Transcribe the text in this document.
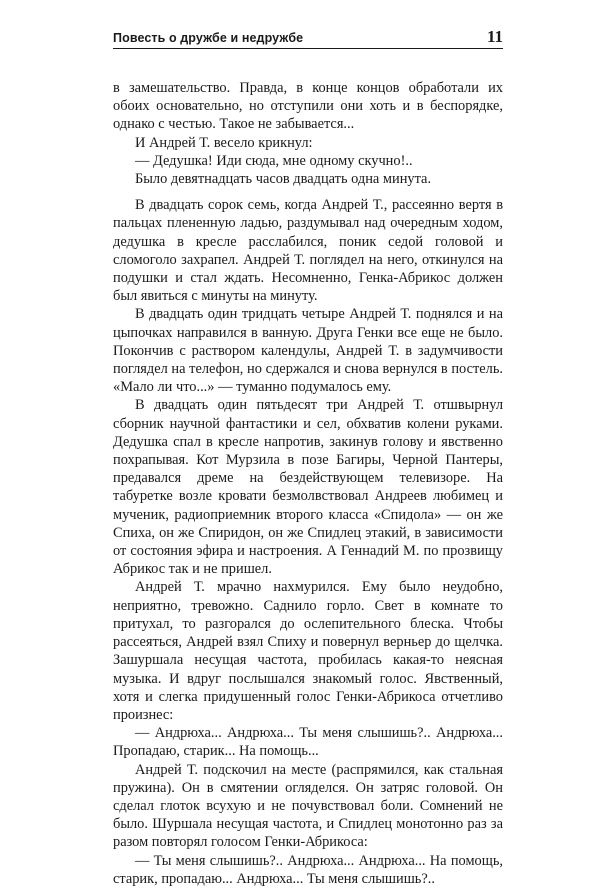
Повесть о дружбе и недружбе	11

в замешательство. Правда, в конце концов обработали их обоих основательно, но отступили они хоть и в беспорядке, однако с честью. Такое не забывается...

И Андрей Т. весело крикнул:

— Дедушка! Иди сюда, мне одному скучно!..

Было девятнадцать часов двадцать одна минута.

В двадцать сорок семь, когда Андрей Т., рассеянно вертя в пальцах плененную ладью, раздумывал над очередным ходом, дедушка в кресле расслабился, поник седой головой и сломоголо захрапел. Андрей Т. поглядел на него, откинулся на подушки и стал ждать. Несомненно, Генка-Абрикос должен был явиться с минуты на минуту.

В двадцать один тридцать четыре Андрей Т. поднялся и на цыпочках направился в ванную. Друга Генки все еще не было. Покончив с раствором календулы, Андрей Т. в задумчивости поглядел на телефон, но сдержался и снова вернулся в постель. «Мало ли что...» — туманно подумалось ему.

В двадцать один пятьдесят три Андрей Т. отшвырнул сборник научной фантастики и сел, обхватив колени руками. Дедушка спал в кресле напротив, закинув голову и явственно похрапывая. Кот Мурзила в позе Багиры, Черной Пантеры, предавался дреме на бездействующем телевизоре. На табуретке возле кровати безмолвствовал Андреев любимец и мученик, радиоприемник второго класса «Спидола» — он же Спиха, он же Спиридон, он же Спидлец этакий, в зависимости от состояния эфира и настроения. А Геннадий М. по прозвищу Абрикос так и не пришел.

Андрей Т. мрачно нахмурился. Ему было неудобно, неприятно, тревожно. Саднило горло. Свет в комнате то притухал, то разгорался до ослепительного блеска. Чтобы рассеяться, Андрей взял Спиху и повернул верньер до щелчка. Зашуршала несущая частота, пробилась какая-то неясная музыка. И вдруг послышался знакомый голос. Явственный, хотя и слегка придушенный голос Генки-Абрикоса отчетливо произнес:

— Андрюха... Андрюха... Ты меня слышишь?.. Андрюха... Пропадаю, старик... На помощь...

Андрей Т. подскочил на месте (распрямился, как стальная пружина). Он в смятении огляделся. Он затряс головой. Он сделал глоток всухую и не почувствовал боли. Сомнений не было. Шуршала несущая частота, и Спидлец монотонно раз за разом повторял голосом Генки-Абрикоса:

— Ты меня слышишь?.. Андрюха... Андрюха... На помощь, старик, пропадаю... Андрюха... Ты меня слышишь?..
